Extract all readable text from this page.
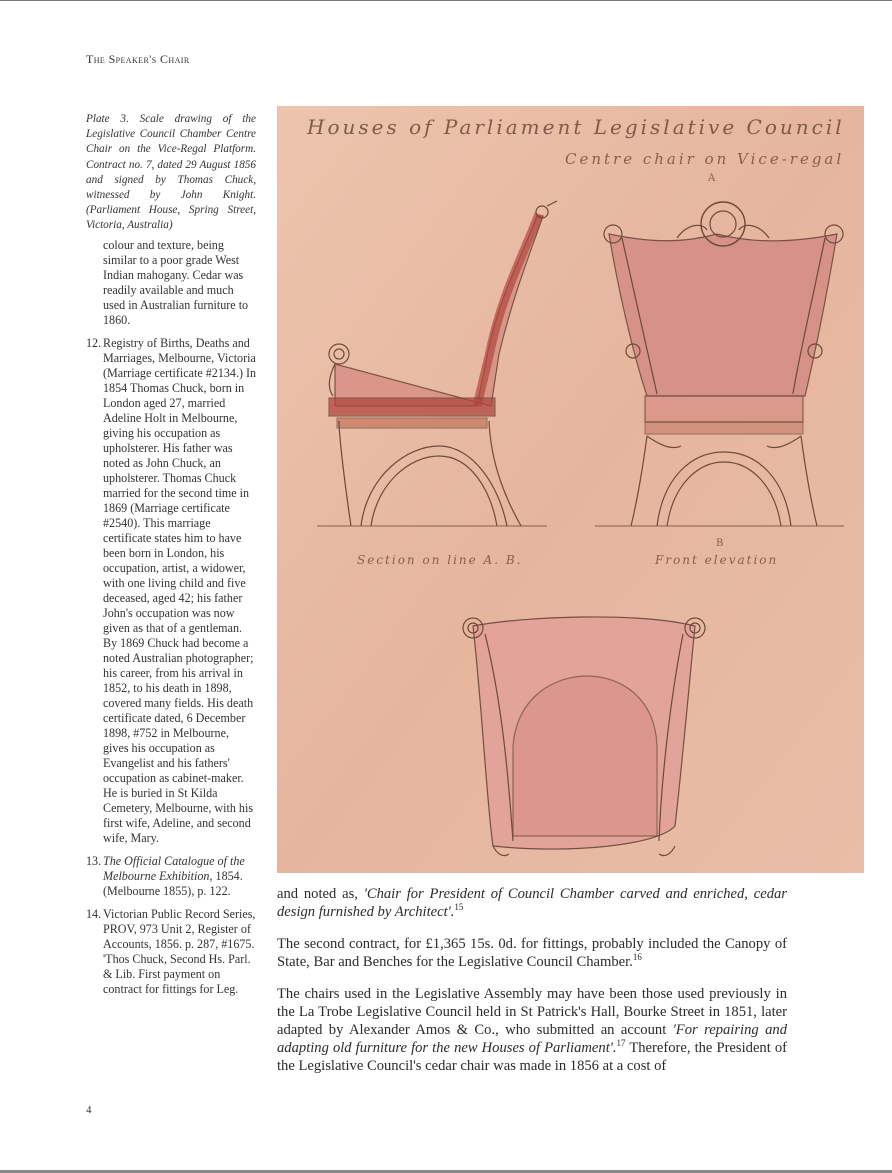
The Speaker's Chair

Plate 3. Scale drawing of the Legislative Council Chamber Centre Chair on the Vice-Regal Platform. Contract no. 7, dated 29 August 1856 and signed by Thomas Chuck, witnessed by John Knight. (Parliament House, Spring Street, Victoria, Australia)

colour and texture, being similar to a poor grade West Indian mahogany. Cedar was readily available and much used in Australian furniture to 1860.

12. Registry of Births, Deaths and Marriages, Melbourne, Victoria (Marriage certificate #2134.) In 1854 Thomas Chuck, born in London aged 27, married Adeline Holt in Melbourne, giving his occupation as upholsterer. His father was noted as John Chuck, an upholsterer. Thomas Chuck married for the second time in 1869 (Marriage certificate #2540). This marriage certificate states him to have been born in London, his occupation, artist, a widower, with one living child and five deceased, aged 42; his father John's occupation was now given as that of a gentleman. By 1869 Chuck had become a noted Australian photographer; his career, from his arrival in 1852, to his death in 1898, covered many fields. His death certificate dated, 6 December 1898, #752 in Melbourne, gives his occupation as Evangelist and his fathers' occupation as cabinet-maker. He is buried in St Kilda Cemetery, Melbourne, with his first wife, Adeline, and second wife, Mary.

13. The Official Catalogue of the Melbourne Exhibition, 1854. (Melbourne 1855), p. 122.

14. Victorian Public Record Series, PROV, 973 Unit 2, Register of Accounts, 1856. p. 287, #1675. 'Thos Chuck, Second Hs. Parl. & Lib. First payment on contract for fittings for Leg.

Houses of Parliament Legislative Council
Centre chair on Vice-regal
A
Section on line A. B.	Front elevation
B

and noted as, 'Chair for President of Council Chamber carved and enriched, cedar design furnished by Architect'.$^{15}$

The second contract, for £1,365 15s. 0d. for fittings, probably included the Canopy of State, Bar and Benches for the Legislative Council Chamber.$^{16}$

The chairs used in the Legislative Assembly may have been those used previously in the La Trobe Legislative Council held in St Patrick's Hall, Bourke Street in 1851, later adapted by Alexander Amos & Co., who submitted an account 'For repairing and adapting old furniture for the new Houses of Parliament'.$^{17}$ Therefore, the President of the Legislative Council's cedar chair was made in 1856 at a cost of

4
